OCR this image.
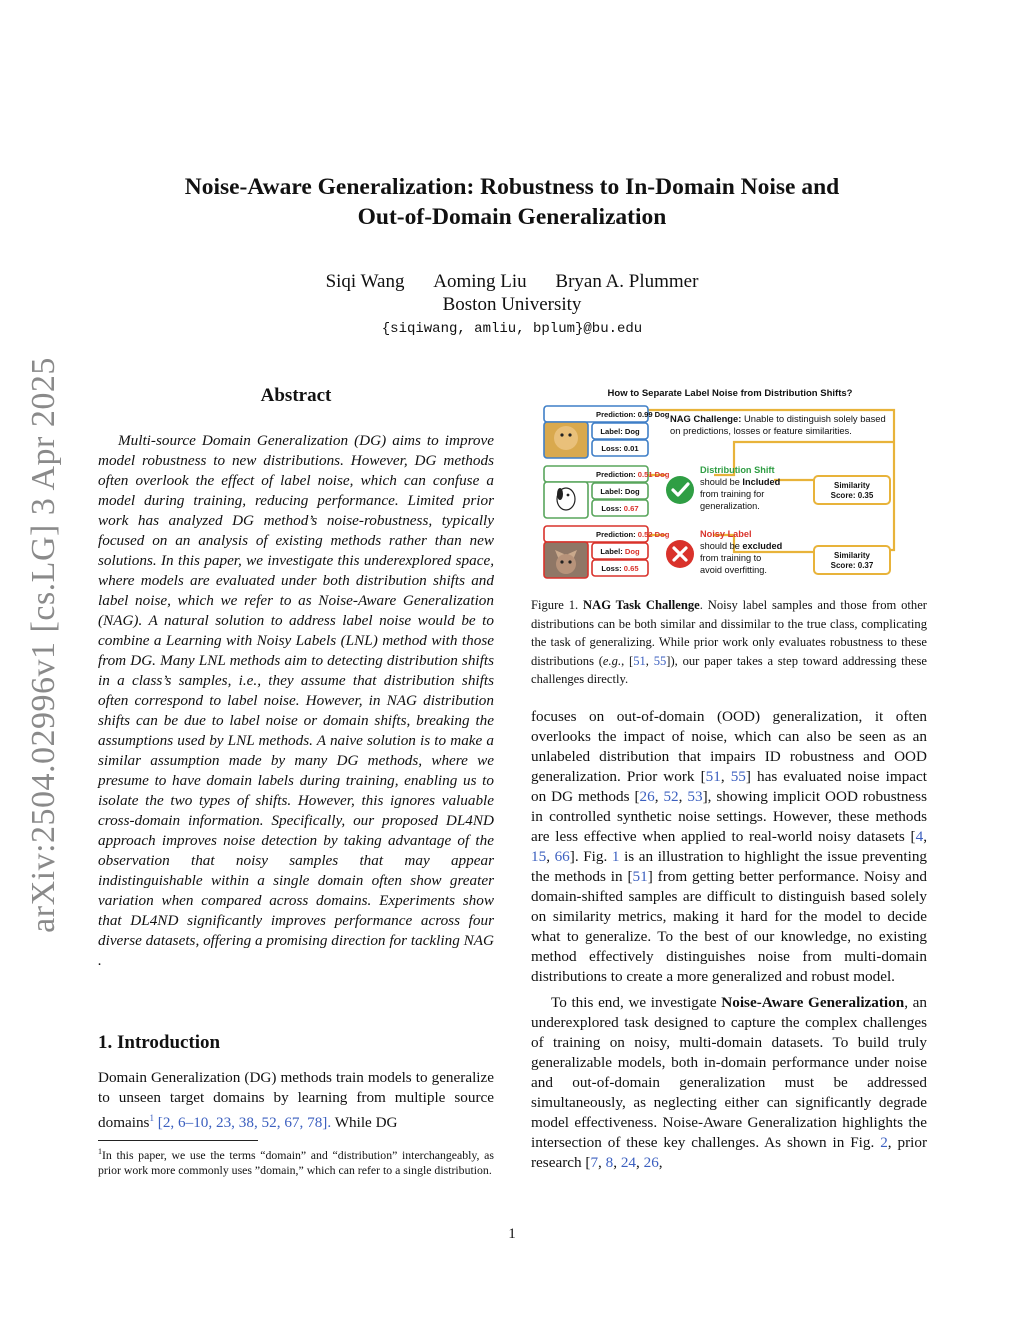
arXiv:2504.02996v1 [cs.LG] 3 Apr 2025
Noise-Aware Generalization: Robustness to In-Domain Noise and
Out-of-Domain Generalization
Siqi Wang Aoming Liu Bryan A. Plummer
Boston University
{siqiwang, amliu, bplum}@bu.edu
Abstract

Multi-source Domain Generalization (DG) aims to improve model robustness to new distributions. However, DG methods often overlook the effect of label noise, which can confuse a model during training, reducing performance. Limited prior work has analyzed DG method’s noise-robustness, typically focused on an analysis of existing methods rather than new solutions. In this paper, we investigate this underexplored space, where models are evaluated under both distribution shifts and label noise, which we refer to as Noise-Aware Generalization (NAG). A natural solution to address label noise would be to combine a Learning with Noisy Labels (LNL) method with those from DG. Many LNL methods aim to detecting distribution shifts in a class’s samples, i.e., they assume that distribution shifts often correspond to label noise. However, in NAG distribution shifts can be due to label noise or domain shifts, breaking the assumptions used by LNL methods. A naive solution is to make a similar assumption made by many DG methods, where we presume to have domain labels during training, enabling us to isolate the two types of shifts. However, this ignores valuable cross-domain information. Specifically, our proposed DL4ND approach improves noise detection by taking advantage of the observation that noisy samples that may appear indistinguishable within a single domain often show greater variation when compared across domains. Experiments show that DL4ND significantly improves performance across four diverse datasets, offering a promising direction for tackling NAG .

1. Introduction

Domain Generalization (DG) methods train models to generalize to unseen target domains by learning from multiple source domains$^1$ [2, 6–10, 23, 38, 52, 67, 78]. While DG

$^1$In this paper, we use the terms “domain” and “distribution” interchangeably, as prior work more commonly uses ”domain,” which can refer to a single distribution.

How to Separate Label Noise from Distribution Shifts?
Prediction: 0.99 Dog
Label: Dog
Loss: 0.01
Prediction: 0.51 Dog
Label: Dog
Loss: 0.67
Prediction: 0.52 Dog
Label: Dog
Loss: 0.65
NAG Challenge: Unable to distinguish solely based
on predictions, losses or feature similarities.
Distribution Shift
should be Included
from training for
generalization.
Noisy Label
should be excluded
from training to
avoid overfitting.
Similarity
Score: 0.35
Similarity
Score: 0.37

Figure 1. NAG Task Challenge. Noisy label samples and those from other distributions can be both similar and dissimilar to the true class, complicating the task of generalizing. While prior work only evaluates robustness to these distributions (e.g., [51, 55]), our paper takes a step toward addressing these challenges directly.

focuses on out-of-domain (OOD) generalization, it often overlooks the impact of noise, which can also be seen as an unlabeled distribution that impairs ID robustness and OOD generalization. Prior work [51, 55] has evaluated noise impact on DG methods [26, 52, 53], showing implicit OOD robustness in controlled synthetic noise settings. However, these methods are less effective when applied to real-world noisy datasets [4, 15, 66]. Fig. 1 is an illustration to highlight the issue preventing the methods in [51] from getting better performance. Noisy and domain-shifted samples are difficult to distinguish based solely on similarity metrics, making it hard for the model to decide what to generalize. To the best of our knowledge, no existing method effectively distinguishes noise from multi-domain distributions to create a more generalized and robust model.

To this end, we investigate Noise-Aware Generalization, an underexplored task designed to capture the complex challenges of training on noisy, multi-domain datasets. To build truly generalizable models, both in-domain performance under noise and out-of-domain generalization must be addressed simultaneously, as neglecting either can significantly degrade model effectiveness. Noise-Aware Generalization highlights the intersection of these key challenges. As shown in Fig. 2, prior research [7, 8, 24, 26,

1
